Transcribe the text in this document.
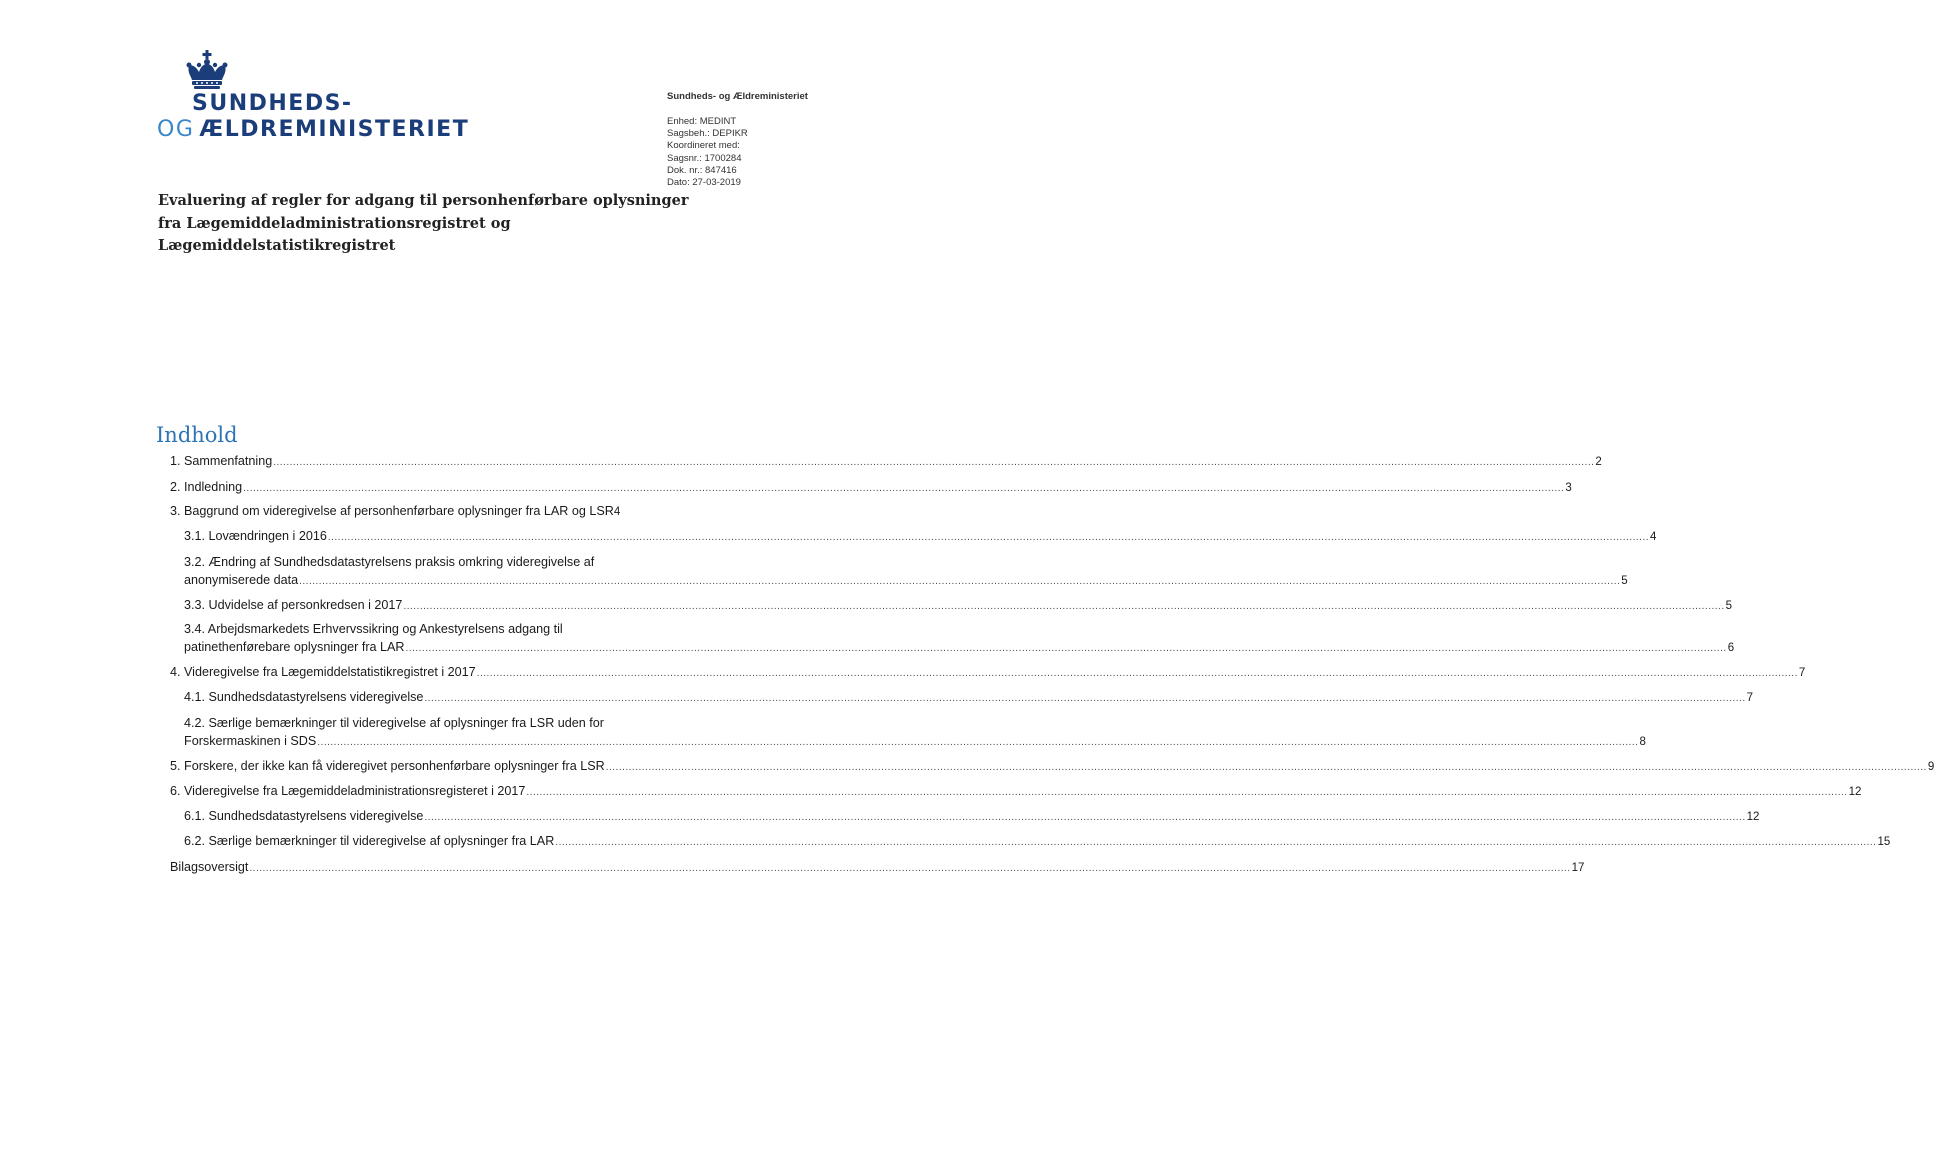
SUNDHEDS-
OG ÆLDREMINISTERIET
Sundheds- og Ældreministeriet
Enhed: MEDINT
Sagsbeh.: DEPIKR
Koordineret med:
Sagsnr.: 1700284
Dok. nr.: 847416
Dato: 27-03-2019
Evaluering af regler for adgang til personhenførbare oplysninger
fra Lægemiddeladministrationsregistret og
Lægemiddelstatistikregistret
Indhold
1. Sammenfatning .....	2
2. Indledning .....	3
3. Baggrund om videregivelse af personhenførbare oplysninger fra LAR og LSR 4
3.1. Lovændringen i 2016 .....	4
3.2. Ændring af Sundhedsdatastyrelsens praksis omkring videregivelse af
anonymiserede data .....	5
3.3. Udvidelse af personkredsen i 2017 .....	5
3.4. Arbejdsmarkedets Erhvervssikring og Ankestyrelsens adgang til
patinethenførebare oplysninger fra LAR .....	6
4. Videregivelse fra Lægemiddelstatistikregistret i 2017 .....	7
4.1. Sundhedsdatastyrelsens videregivelse .....	7
4.2. Særlige bemærkninger til videregivelse af oplysninger fra LSR uden for
Forskermaskinen i SDS .....	8
5. Forskere, der ikke kan få videregivet personhenførbare oplysninger fra LSR .....	9
6. Videregivelse fra Lægemiddeladministrationsregisteret i 2017 .....	12
6.1. Sundhedsdatastyrelsens videregivelse .....	12
6.2. Særlige bemærkninger til videregivelse af oplysninger fra LAR .....	15
Bilagsoversigt .....	17
